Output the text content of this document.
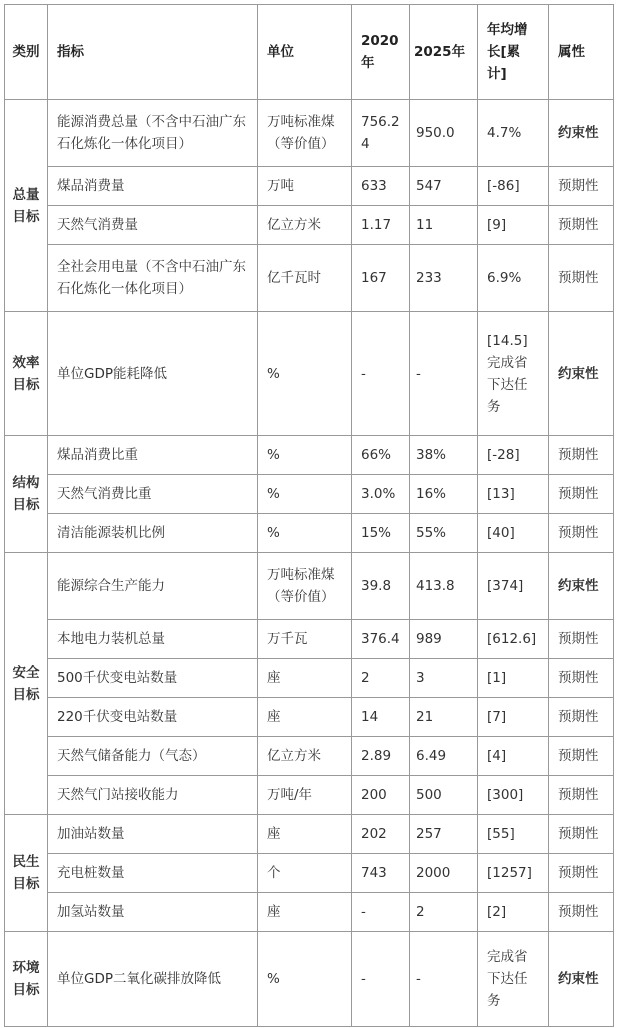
类别	指标	单位	2020年	2025年	年均增长[累计]	属性
总量目标	能源消费总量（不含中石油广东石化炼化一体化项目）	万吨标准煤（等价值）	756.24	950.0	4.7%	约束性
	煤品消费量	万吨	633	547	[-86]	预期性
	天然气消费量	亿立方米	1.17	11	[9]	预期性
	全社会用电量（不含中石油广东石化炼化一体化项目）	亿千瓦时	167	233	6.9%	预期性
效率目标	单位GDP能耗降低	%	-	-	[14.5]完成省下达任务	约束性
结构目标	煤品消费比重	%	66%	38%	[-28]	预期性
	天然气消费比重	%	3.0%	16%	[13]	预期性
	清洁能源装机比例	%	15%	55%	[40]	预期性
安全目标	能源综合生产能力	万吨标准煤（等价值）	39.8	413.8	[374]	约束性
	本地电力装机总量	万千瓦	376.4	989	[612.6]	预期性
	500千伏变电站数量	座	2	3	[1]	预期性
	220千伏变电站数量	座	14	21	[7]	预期性
	天然气储备能力（气态）	亿立方米	2.89	6.49	[4]	预期性
	天然气门站接收能力	万吨/年	200	500	[300]	预期性
民生目标	加油站数量	座	202	257	[55]	预期性
	充电桩数量	个	743	2000	[1257]	预期性
	加氢站数量	座	-	2	[2]	预期性
环境目标	单位GDP二氧化碳排放降低	%	-	-	完成省下达任务	约束性
